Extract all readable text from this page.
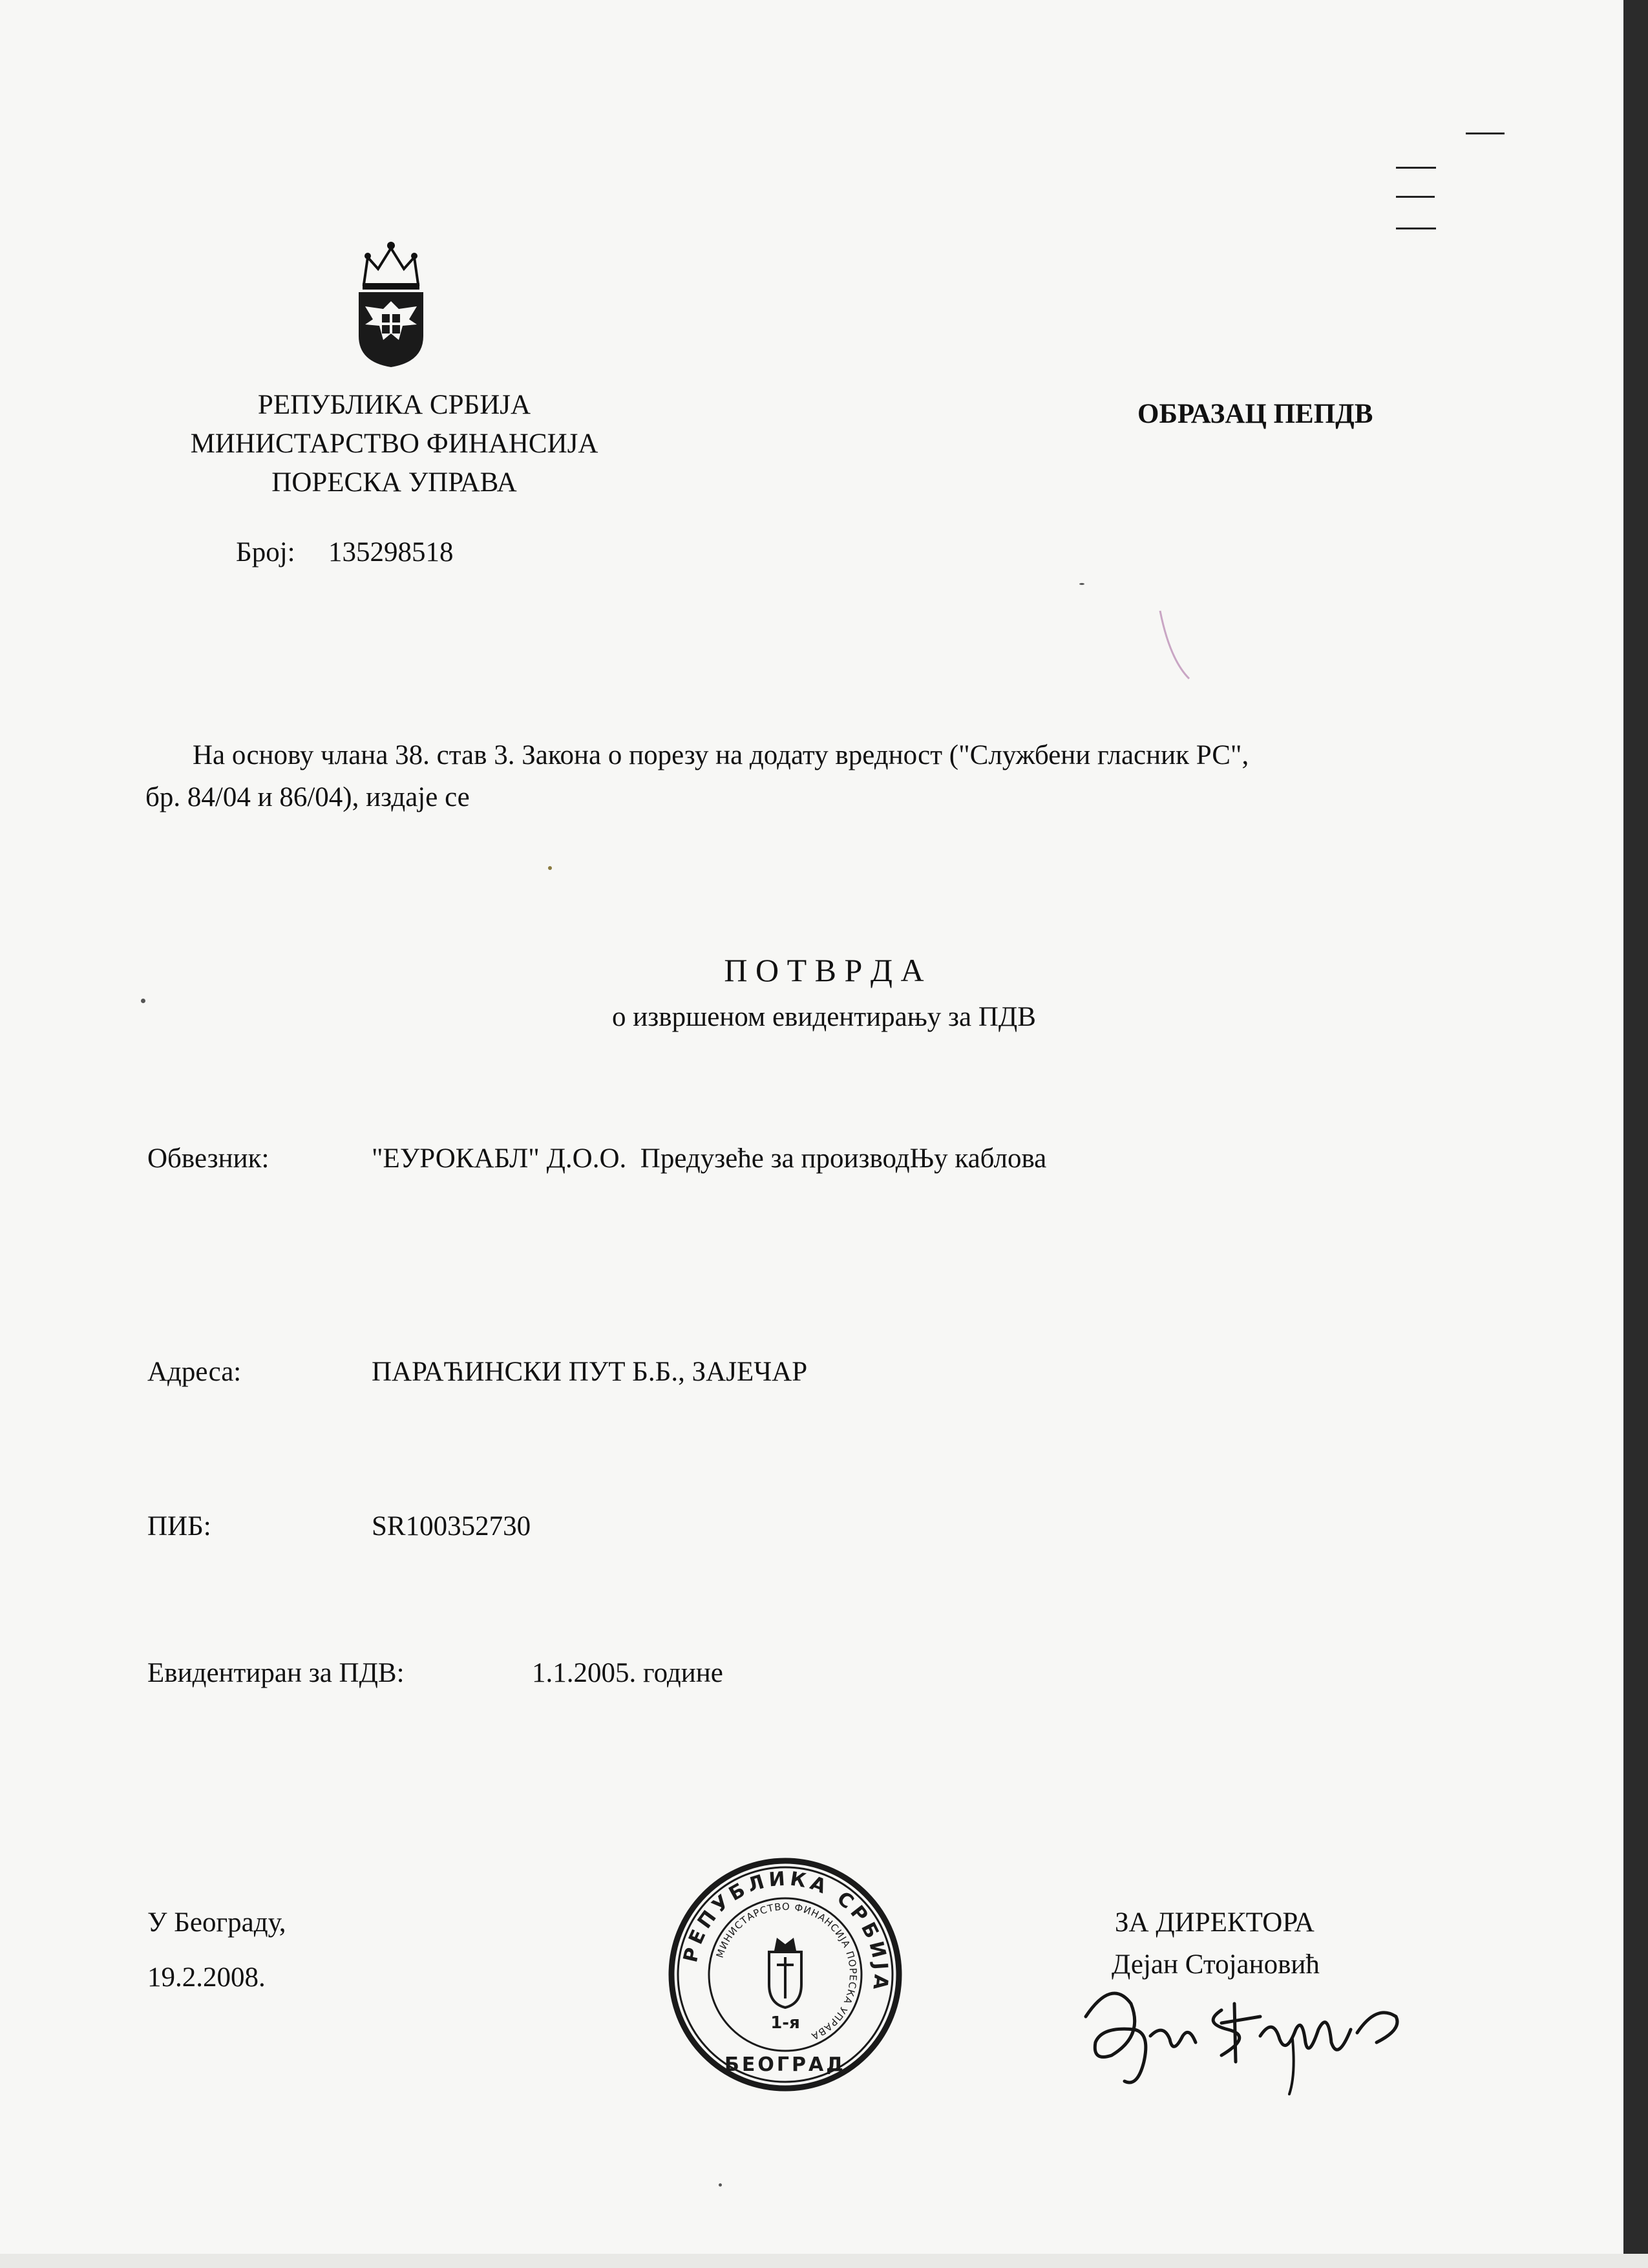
РЕПУБЛИКА СРБИЈА
МИНИСТАРСТВО ФИНАНСИЈА
ПОРЕСКА УПРАВА
Број: 135298518
ОБРАЗАЦ ПЕПДВ
На основу члана 38. став 3. Закона о порезу на додату вредност ("Службени гласник РС",
бр. 84/04 и 86/04), издаје се
П О Т В Р Д А
о извршеном евидентирању за ПДВ
Обвезник:	"ЕУРОКАБЛ" Д.О.О.  Предузеће за производЊу каблова
Адреса:	ПАРАЋИНСКИ ПУТ Б.Б., ЗАЈЕЧАР
ПИБ:	SR100352730
Евидентиран за ПДВ:	1.1.2005. године
У Београду,
19.2.2008.
ЗА ДИРЕКТОРА
Дејан Стојановић
РЕПУБЛИКА СРБИЈА
МИНИСТАРСТВО ФИНАНСИЈА ПОРЕСКА УПРАВА
1-я
БЕОГРАД
